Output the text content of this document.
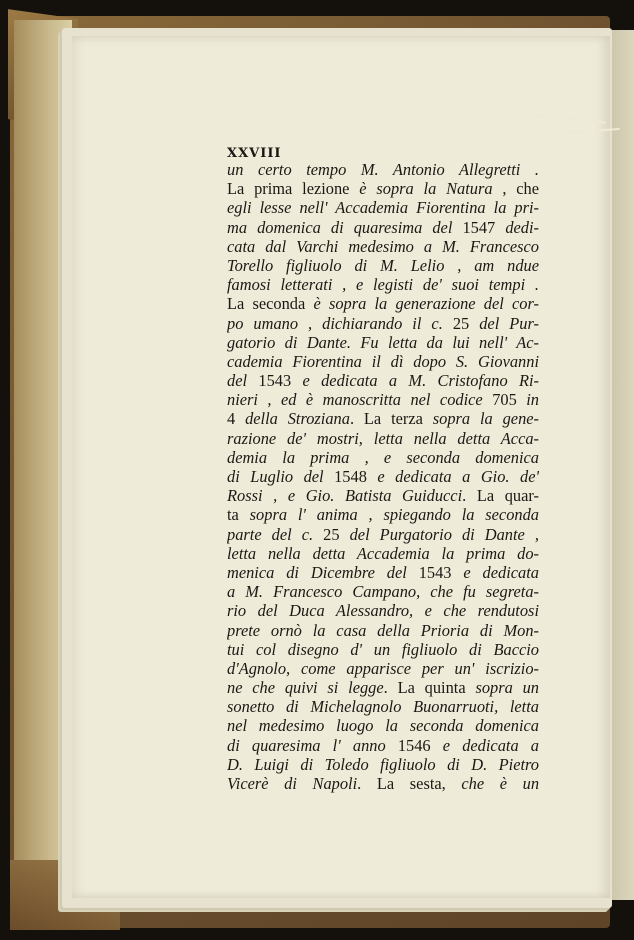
XXVIII
un certo tempo M. Antonio Allegretti .
La prima lezione è sopra la Natura , che
egli lesse nell' Accademia Fiorentina la pri-
ma domenica di quaresima del 1547 dedi-
cata dal Varchi medesimo a M. Francesco
Torello figliuolo di M. Lelio , am ndue
famosi letterati , e legisti de' suoi tempi .
La seconda è sopra la generazione del cor-
po umano , dichiarando il c. 25 del Pur-
gatorio di Dante. Fu letta da lui nell' Ac-
cademia Fiorentina il dì dopo S. Giovanni
del 1543 e dedicata a M. Cristofano Ri-
nieri , ed è manoscritta nel codice 705 in
4 della Stroziana. La terza sopra la gene-
razione de' mostri, letta nella detta Acca-
demia la prima , e seconda domenica
di Luglio del 1548 e dedicata a Gio. de'
Rossi , e Gio. Batista Guiducci. La quar-
ta sopra l' anima , spiegando la seconda
parte del c. 25 del Purgatorio di Dante ,
letta nella detta Accademia la prima do-
menica di Dicembre del 1543 e dedicata
a M. Francesco Campano, che fu segreta-
rio del Duca Alessandro, e che rendutosi
prete ornò la casa della Prioria di Mon-
tui col disegno d' un figliuolo di Baccio
d'Agnolo, come apparisce per un' iscrizio-
ne che quivi si legge. La quinta sopra un
sonetto di Michelagnolo Buonarruoti, letta
nel medesimo luogo la seconda domenica
di quaresima l' anno 1546 e dedicata a
D. Luigi di Toledo figliuolo di D. Pietro
Vicerè di Napoli. La sesta, che è un
